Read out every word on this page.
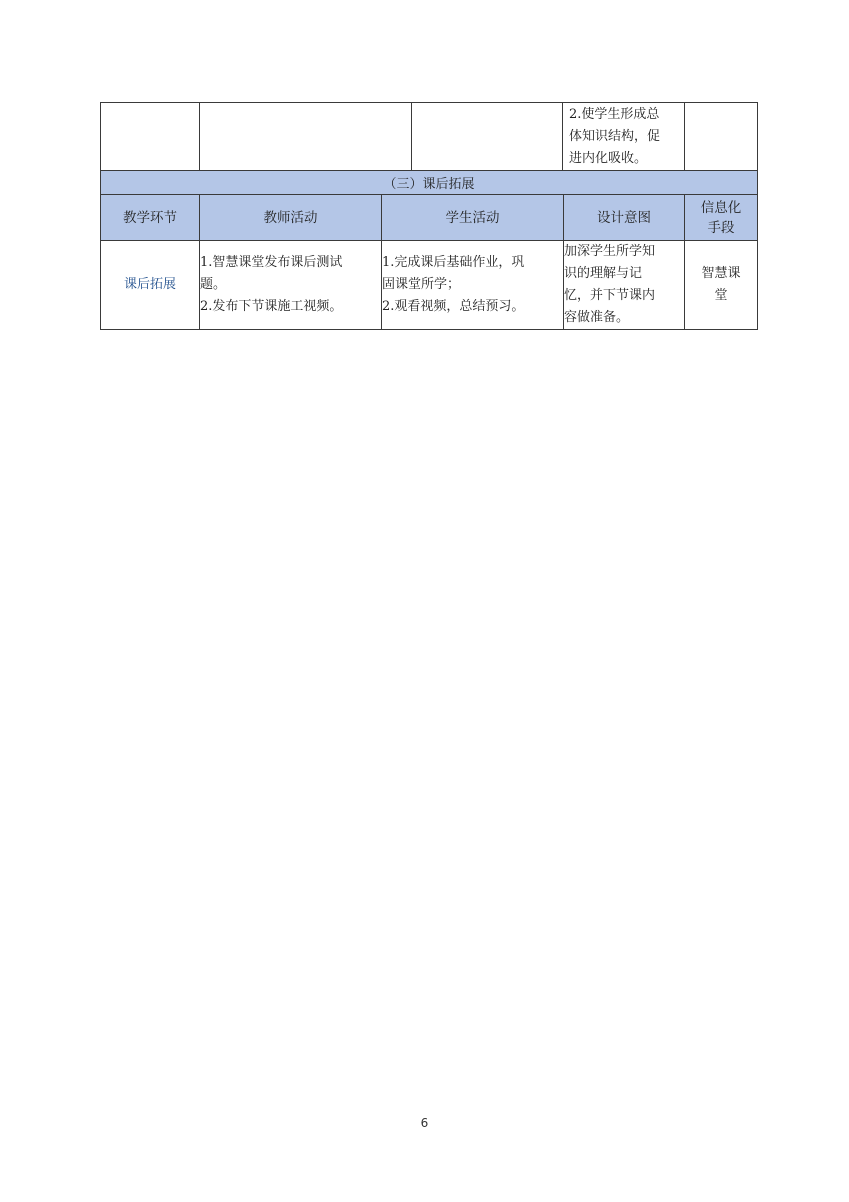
2.使学生形成总
体知识结构，促
进内化吸收。

（三）课后拓展				
教学环节	教师活动	学生活动	设计意图	信息化
手段

课后拓展	1.智慧课堂发布课后测试
题。
2.发布下节课施工视频。	1.完成课后基础作业，巩
固课堂所学；
2.观看视频，总结预习。	加深学生所学知
识的理解与记
忆，并下节课内
容做准备。	智慧课
堂
6
